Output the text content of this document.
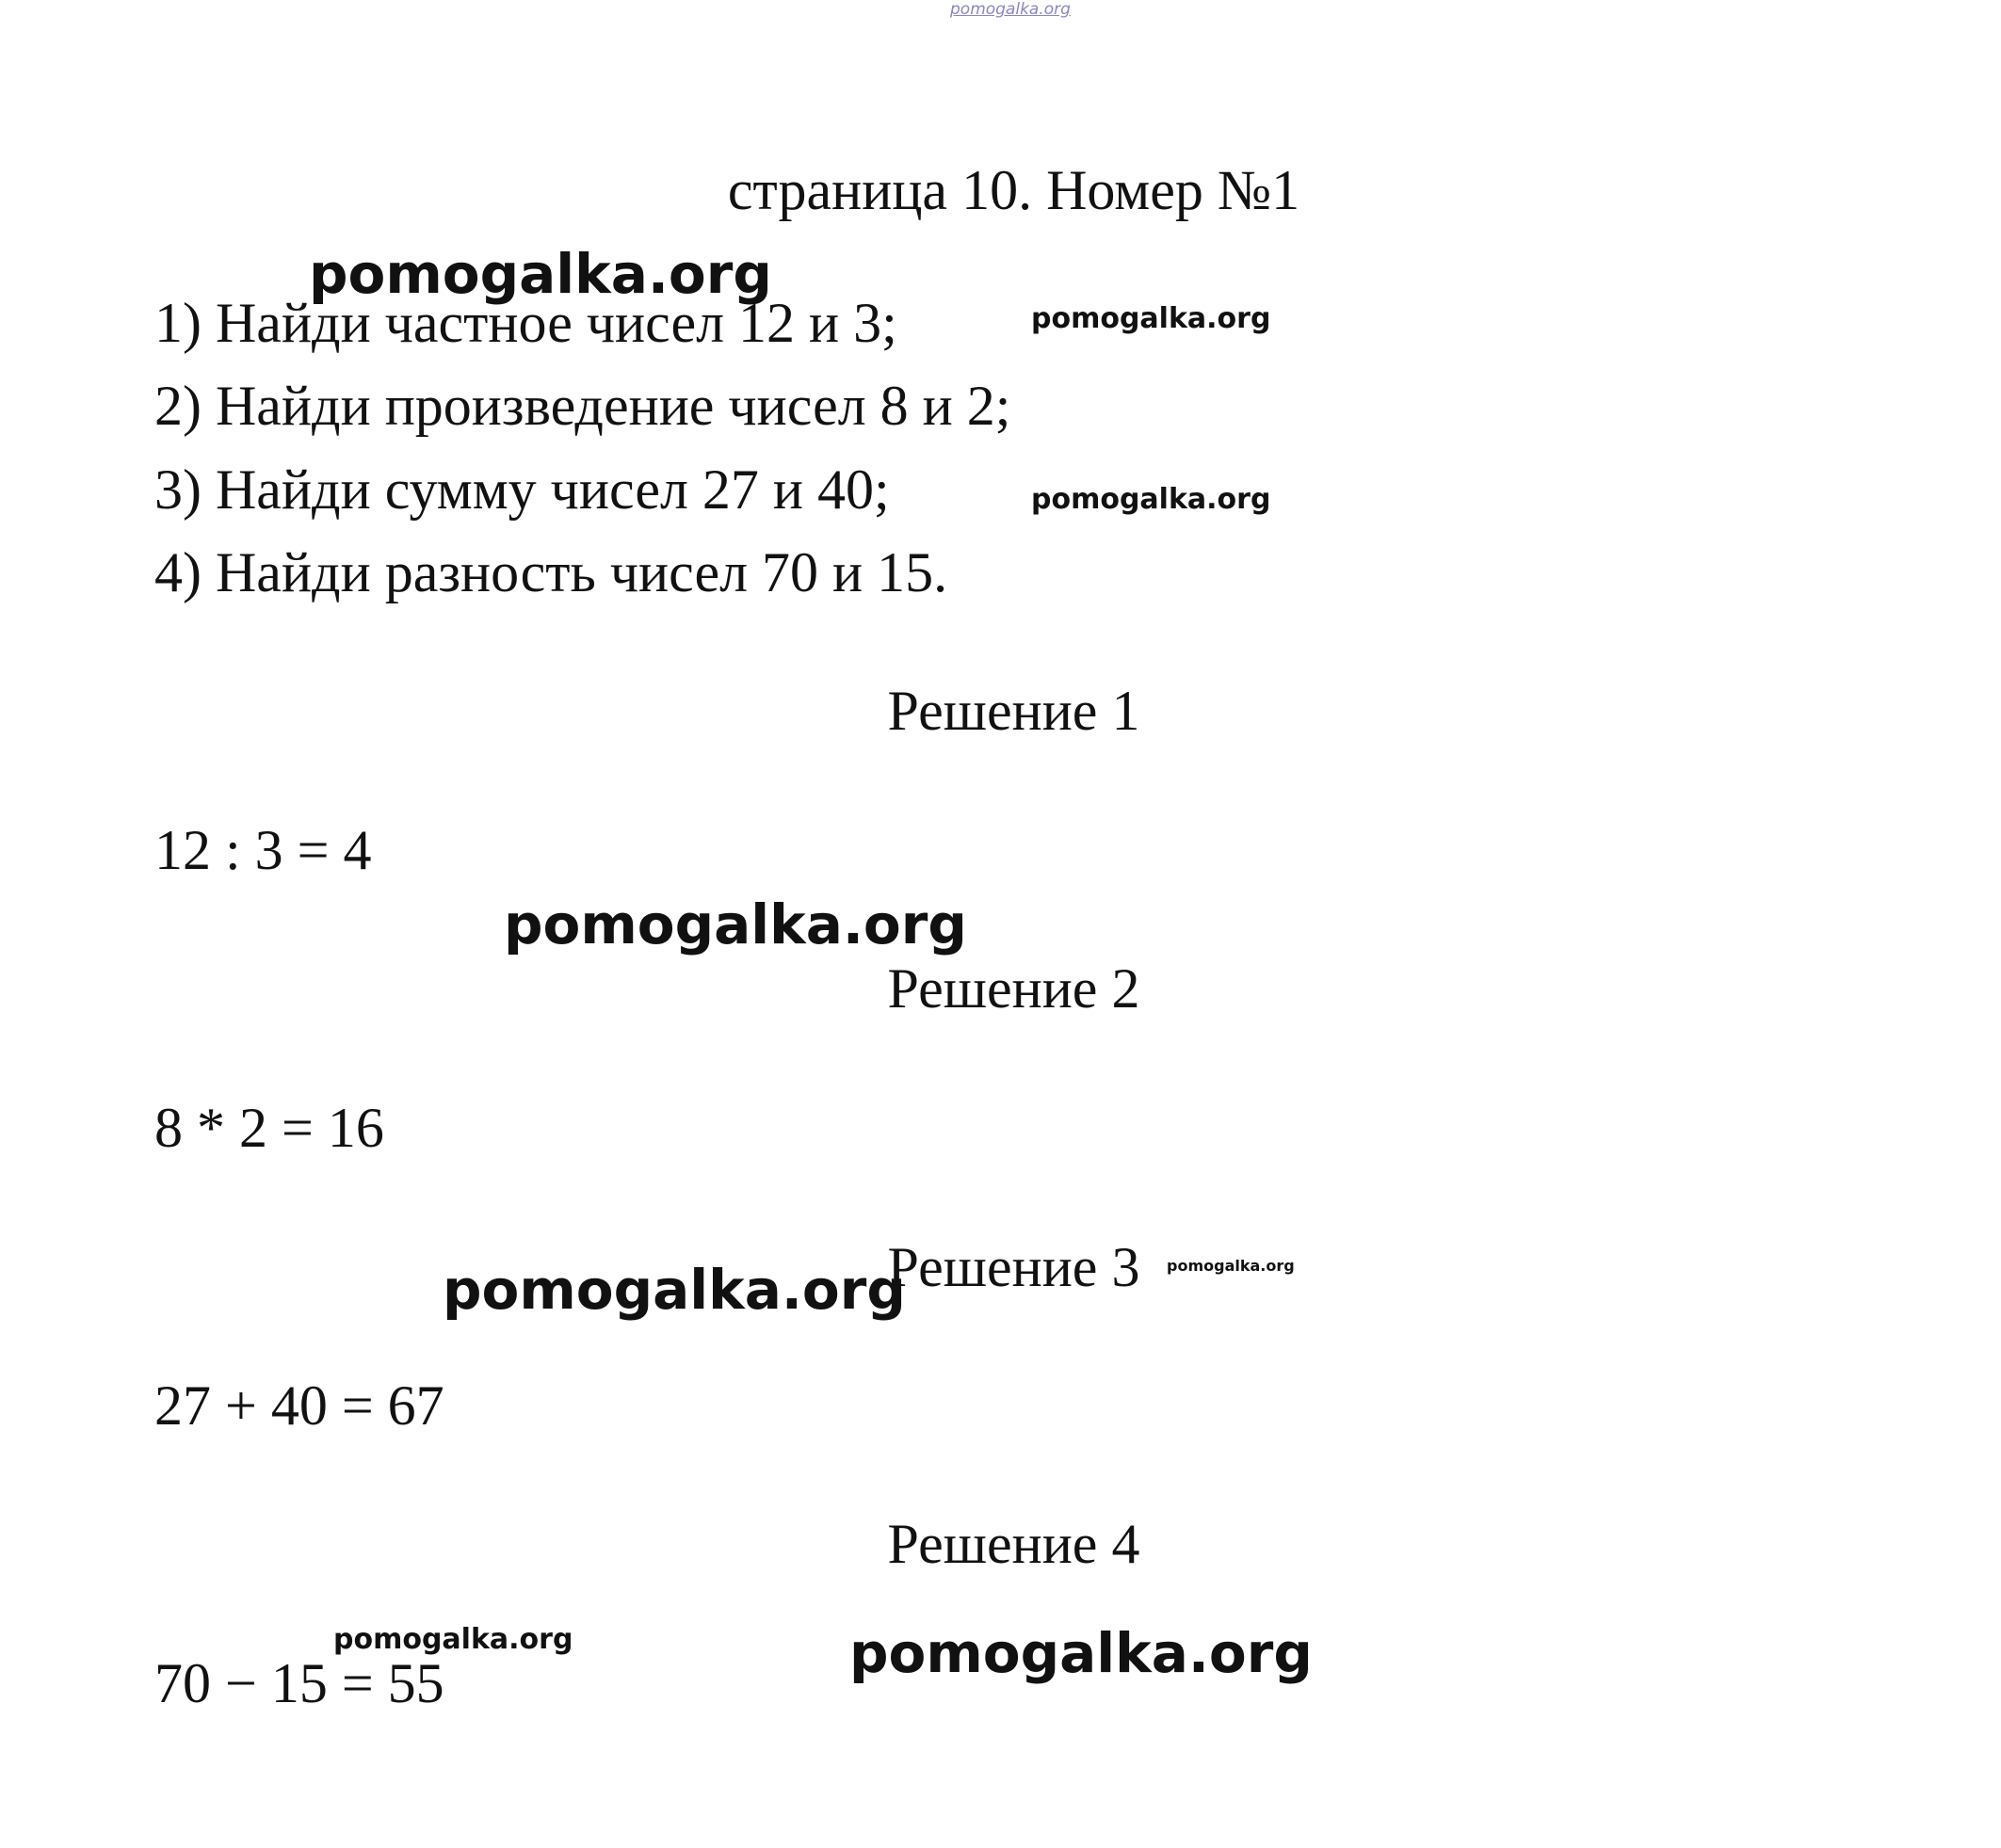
pomogalka.org
страница 10. Номер №1
1) Найди частное чисел 12 и 3;
2) Найди произведение чисел 8 и 2;
3) Найди сумму чисел 27 и 40;
4) Найди разность чисел 70 и 15.
Решение 1
12 : 3 = 4
Решение 2
8 * 2 = 16
Решение 3
27 + 40 = 67
Решение 4
70 − 15 = 55
pomogalka.org
pomogalka.org
pomogalka.org
pomogalka.org
pomogalka.org	pomogalka.org
pomogalka.org	pomogalka.org
